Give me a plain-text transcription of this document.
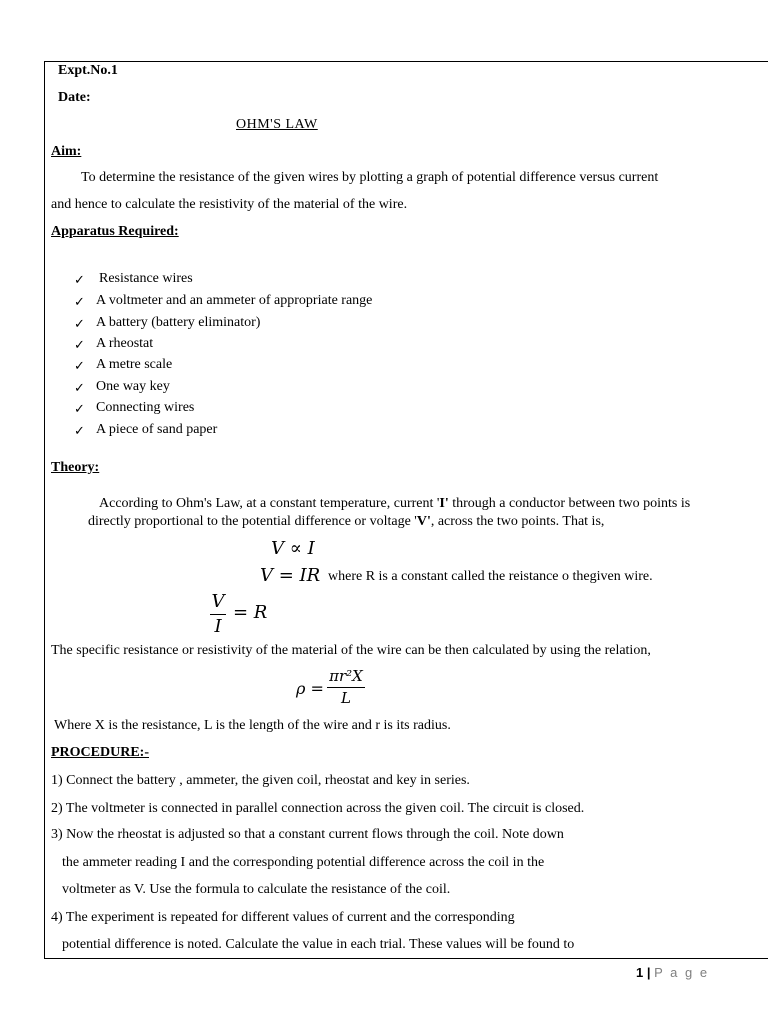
Expt.No.1
Date:
OHM'S LAW
Aim:
To determine the resistance of the given wires by plotting a graph of potential difference versus current
and hence to calculate the resistivity of the material of the wire.
Apparatus Required:
✓ Resistance wires
✓ A voltmeter and an ammeter of appropriate range
✓ A battery (battery eliminator)
✓ A rheostat
✓ A metre scale
✓ One way key
✓ Connecting wires
✓ A piece of sand paper
Theory:
According to Ohm's Law, at a constant temperature, current 'I' through a conductor between two points is
directly proportional to the potential difference or voltage 'V', across the two points. That is,
V ∝ I
V = IR where R is a constant called the reistance o thegiven wire.
V
I
= R
The specific resistance or resistivity of the material of the wire can be then calculated by using the relation,
ρ =
πr²X
L
Where X is the resistance, L is the length of the wire and r is its radius.
PROCEDURE:-
1) Connect the battery , ammeter, the given coil, rheostat and key in series.
2) The voltmeter is connected in parallel connection across the given coil. The circuit is closed.
3) Now the rheostat is adjusted so that a constant current flows through the coil. Note down
the ammeter reading I and the corresponding potential difference across the coil in the
voltmeter as V. Use the formula to calculate the resistance of the coil.
4) The experiment is repeated for different values of current and the corresponding
potential difference is noted. Calculate the value in each trial. These values will be found to
1 | P a g e
